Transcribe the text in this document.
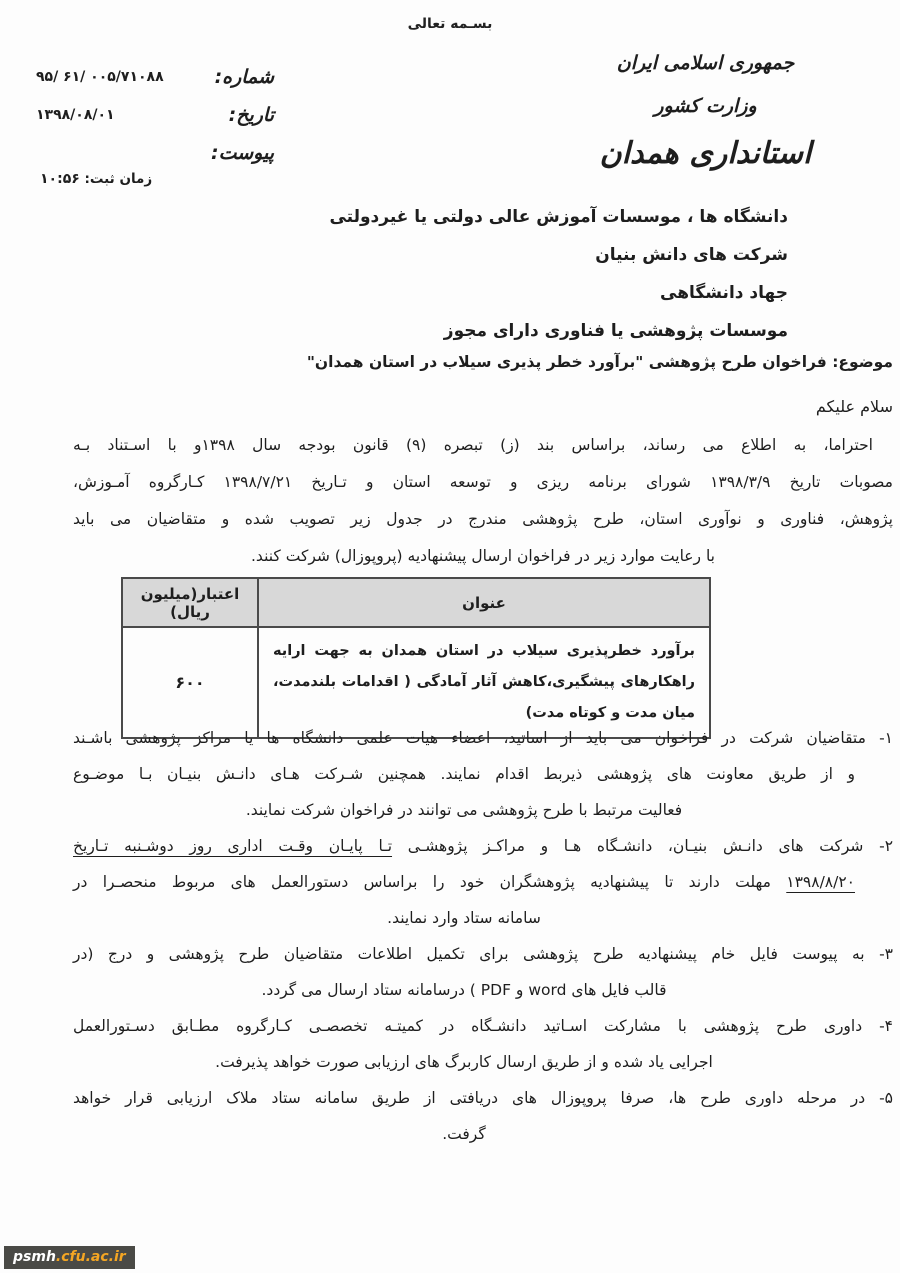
بسـمه تعالی
جمهوری اسلامی ایران
وزارت کشور
استانداری همدان
شماره:
۹۵/ ۶۱/ ۰۰۵/۷۱۰۸۸
تاریخ:
۱۳۹۸/۰۸/۰۱
پیوست:
زمان ثبت: ۱۰:۵۶
دانشگاه ها ، موسسات آموزش عالی دولتی یا غیردولتی
شرکت های دانش بنیان
جهاد دانشگاهی
موسسات پژوهشی یا فناوری دارای مجوز
موضوع: فراخوان طرح پژوهشی "برآورد خطر پذیری سیلاب در استان همدان"
سلام علیکم
احتراما، به اطلاع می رساند، براساس بند (ز) تبصره (۹) قانون بودجه سال ۱۳۹۸و با اسـتناد بـه
مصوبات تاریخ ۱۳۹۸/۳/۹ شورای برنامه ریزی و توسعه استان و تـاریخ ۱۳۹۸/۷/۲۱ کـارگروه آمـوزش،
پژوهش، فناوری و نوآوری استان، طرح پژوهشی مندرج در جدول زیر تصویب شده و متقاضیان می باید
با رعایت موارد زیر در فراخوان ارسال پیشنهادیه (پروپوزال) شرکت کنند.
عنوان	اعتبار(میلیون ریال)
برآورد خطرپذیری سیلاب در استان همدان به جهت ارایه راهکارهای پیشگیری،کاهش آثار آمادگی ( اقدامات بلندمدت، میان مدت و کوتاه مدت)	۶۰۰
۱- متقاضیان شرکت در فراخوان می باید از اساتید، اعضاء هیات علمی دانشگاه ها یا مراکز پژوهشی باشـند
و از طریق معاونت های پژوهشی ذیربط اقدام نمایند. همچنین شـرکت هـای دانـش بنیـان بـا موضـوع
فعالیت مرتبط با طرح پژوهشی می توانند در فراخوان شرکت نمایند.
۲- شرکت های دانـش بنیـان، دانشـگاه هـا و مراکـز پژوهشـی تـا پایـان وقـت اداری روز دوشـنبه تـاریخ
۱۳۹۸/۸/۲۰ مهلت دارند تا پیشنهادیه پژوهشگران خود را براساس دستورالعمل های مربوط منحصـرا در
سامانه ستاد وارد نمایند.
۳- به پیوست فایل خام پیشنهادیه طرح پژوهشی برای تکمیل اطلاعات متقاضیان طرح پژوهشی و درج (در
قالب فایل های word و PDF ) درسامانه ستاد ارسال می گردد.
۴- داوری طرح پژوهشی با مشارکت اسـاتید دانشـگاه در کمیتـه تخصصـی کـارگروه مطـابق دسـتورالعمل
اجرایی یاد شده و از طریق ارسال کاربرگ های ارزیابی صورت خواهد پذیرفت.
۵- در مرحله داوری طرح ها، صرفا پروپوزال های دریافتی از طریق سامانه ستاد ملاک ارزیابی قرار خواهد
گرفت.
psmh.cfu.ac.ir
